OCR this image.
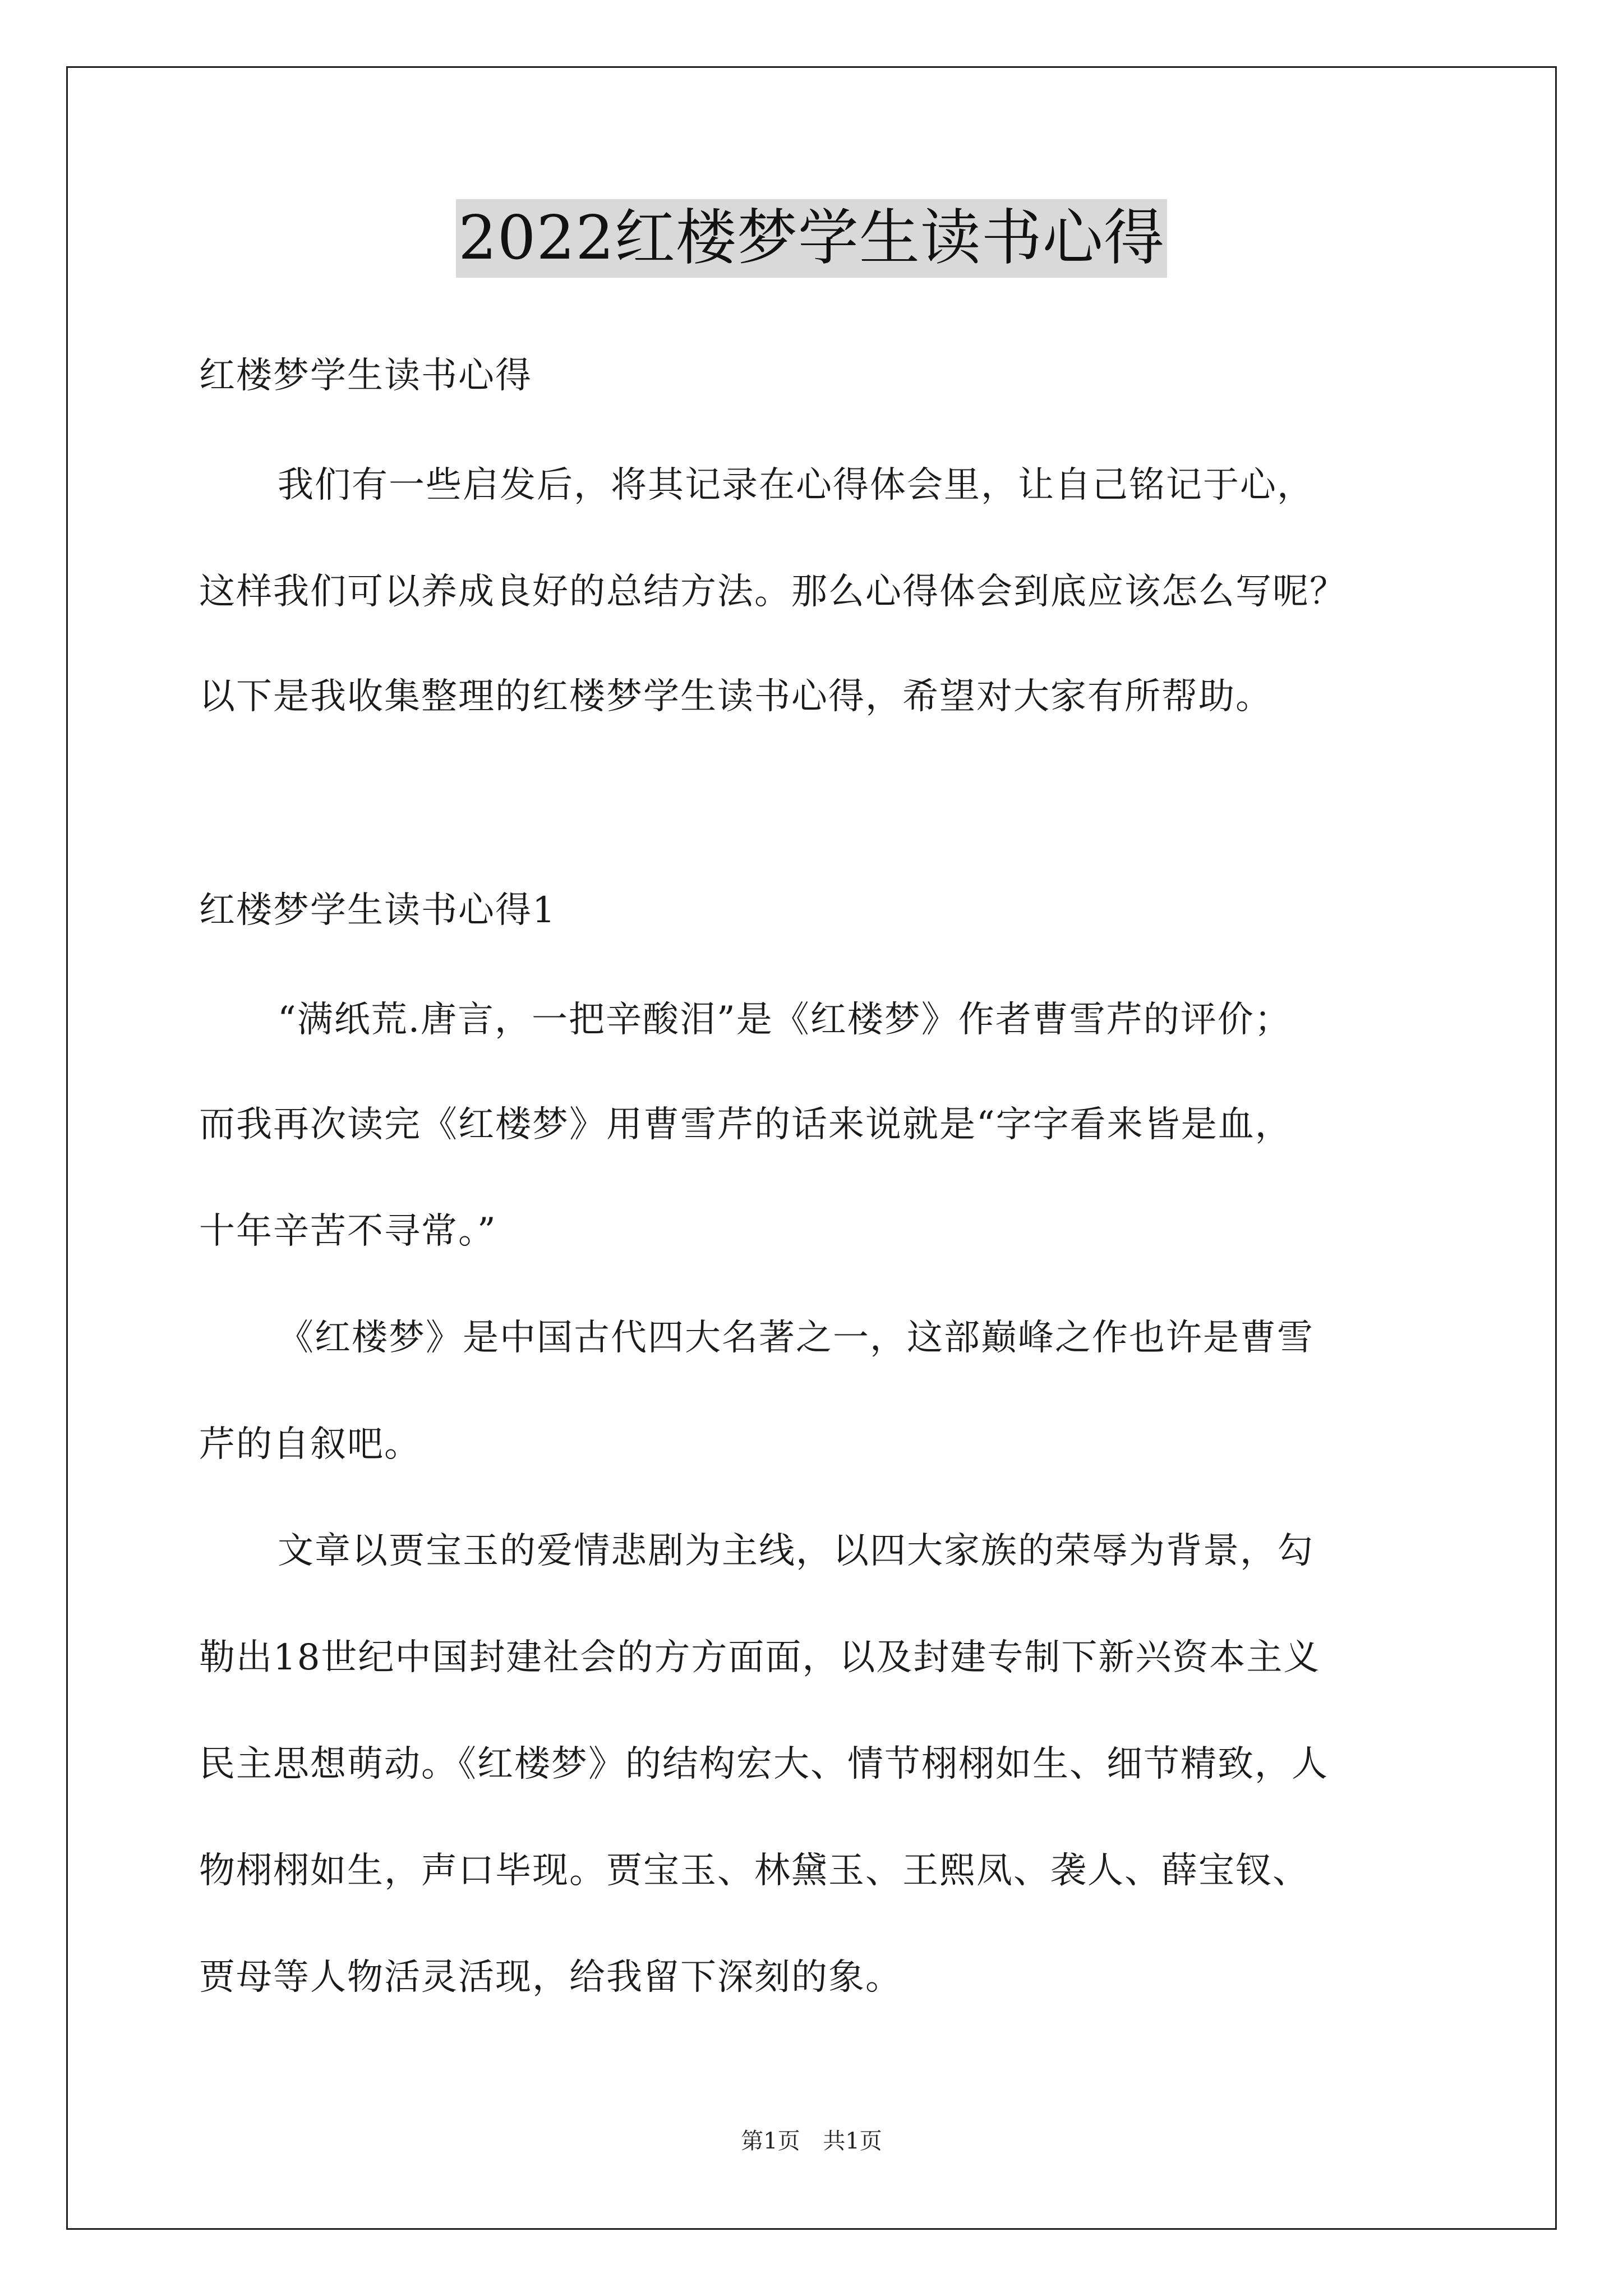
2022红楼梦学生读书心得
红楼梦学生读书心得
我们有一些启发后，将其记录在心得体会里，让自己铭记于心，
这样我们可以养成良好的总结方法。那么心得体会到底应该怎么写呢？
以下是我收集整理的红楼梦学生读书心得，希望对大家有所帮助。
红楼梦学生读书心得1
“满纸荒.唐言，一把辛酸泪”是《红楼梦》作者曹雪芹的评价；
而我再次读完《红楼梦》用曹雪芹的话来说就是“字字看来皆是血，
十年辛苦不寻常。”
《红楼梦》是中国古代四大名著之一，这部巅峰之作也许是曹雪
芹的自叙吧。
文章以贾宝玉的爱情悲剧为主线，以四大家族的荣辱为背景，勾
勒出18世纪中国封建社会的方方面面，以及封建专制下新兴资本主义
民主思想萌动。《红楼梦》的结构宏大、情节栩栩如生、细节精致，人
物栩栩如生，声口毕现。贾宝玉、林黛玉、王熙凤、袭人、薛宝钗、
贾母等人物活灵活现，给我留下深刻的象。
第1页 共1页
